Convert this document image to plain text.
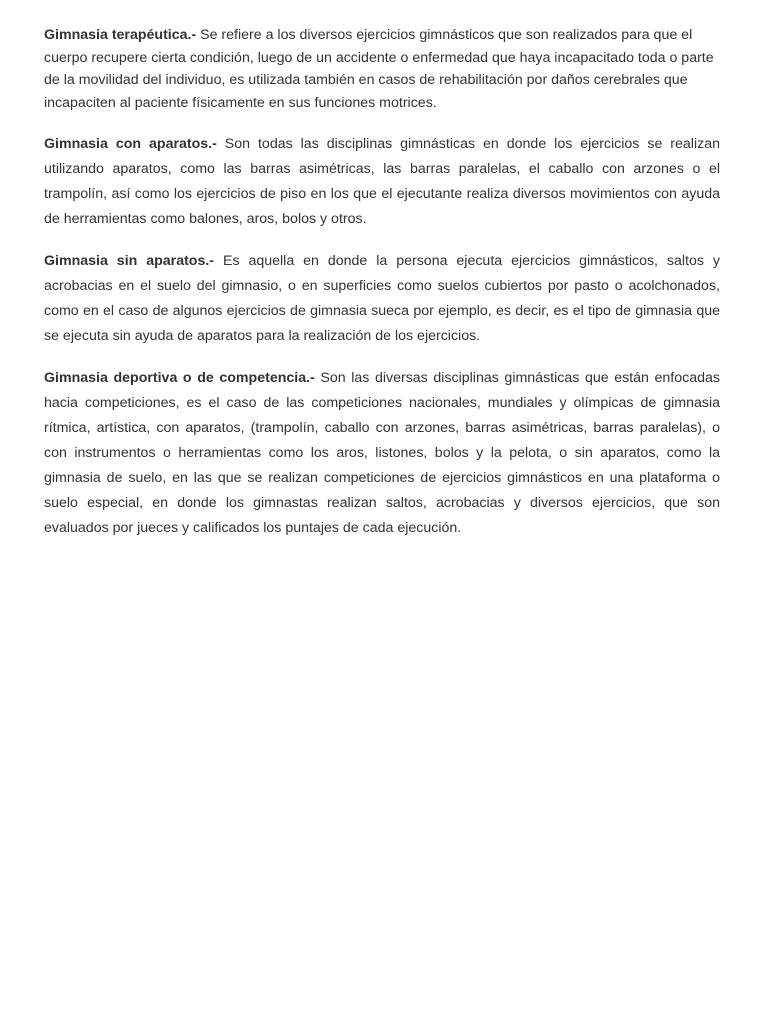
Gimnasia terapéutica.- Se refiere a los diversos ejercicios gimnásticos que son realizados para que el cuerpo recupere cierta condición, luego de un accidente o enfermedad que haya incapacitado toda o parte de la movilidad del individuo, es utilizada también en casos de rehabilitación por daños cerebrales que incapaciten al paciente físicamente en sus funciones motrices.

Gimnasia con aparatos.- Son todas las disciplinas gimnásticas en donde los ejercicios se realizan utilizando aparatos, como las barras asimétricas, las barras paralelas, el caballo con arzones o el trampolín, así como los ejercicios de piso en los que el ejecutante realiza diversos movimientos con ayuda de herramientas como balones, aros, bolos y otros.

Gimnasia sin aparatos.- Es aquella en donde la persona ejecuta ejercicios gimnásticos, saltos y acrobacias en el suelo del gimnasio, o en superficies como suelos cubiertos por pasto o acolchonados, como en el caso de algunos ejercicios de gimnasia sueca por ejemplo, es decir, es el tipo de gimnasia que se ejecuta sin ayuda de aparatos para la realización de los ejercicios.

Gimnasia deportiva o de competencia.- Son las diversas disciplinas gimnásticas que están enfocadas hacia competiciones, es el caso de las competiciones nacionales, mundiales y olímpicas de gimnasia rítmica, artística, con aparatos, (trampolín, caballo con arzones, barras asimétricas, barras paralelas), o con instrumentos o herramientas como los aros, listones, bolos y la pelota, o sin aparatos, como la gimnasia de suelo, en las que se realizan competiciones de ejercicios gimnásticos en una plataforma o suelo especial, en donde los gimnastas realizan saltos, acrobacias y diversos ejercicios, que son evaluados por jueces y calificados los puntajes de cada ejecución.
